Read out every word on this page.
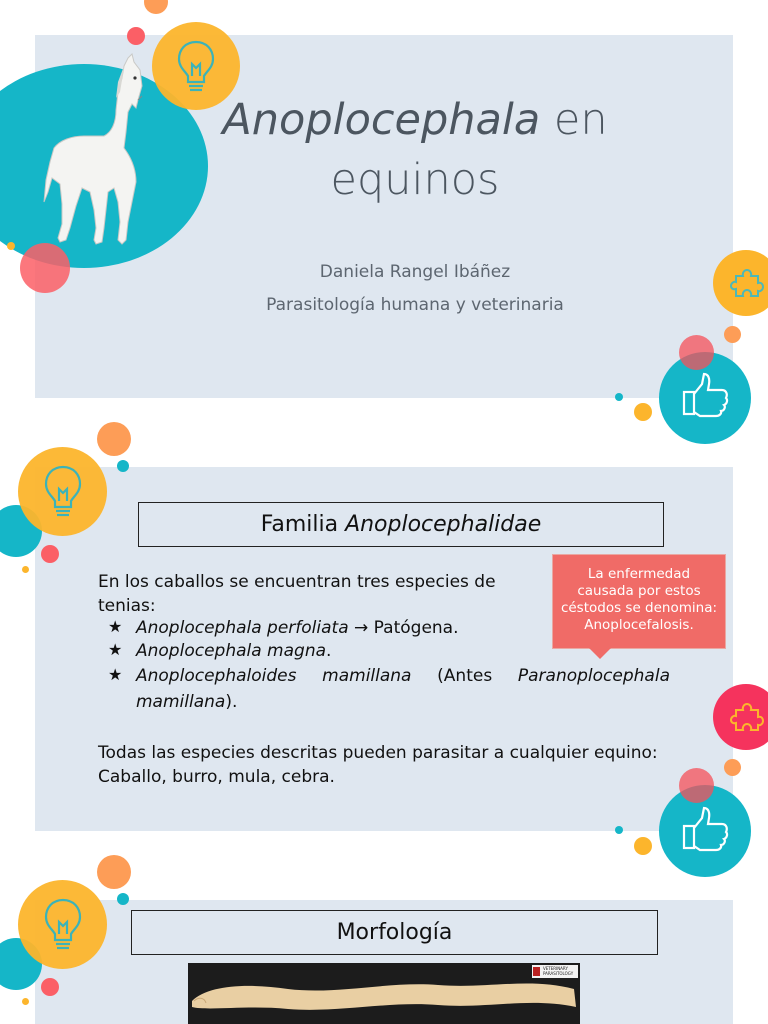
Anoplocephala en
equinos
Daniela Rangel Ibáñez
Parasitología humana y veterinaria
Familia Anoplocephalidae
En los caballos se encuentran tres especies de tenias:
★ Anoplocephala perfoliata → Patógena.
★ Anoplocephala magna.
★ Anoplocephaloides mamillana (Antes Paranoplocephala
mamillana).
Todas las especies descritas pueden parasitar a cualquier equino: Caballo, burro, mula, cebra.
La enfermedad causada por estos céstodos se denomina: Anoplocefalosis.
Morfología
VETERINARY PARASITOLOGY
